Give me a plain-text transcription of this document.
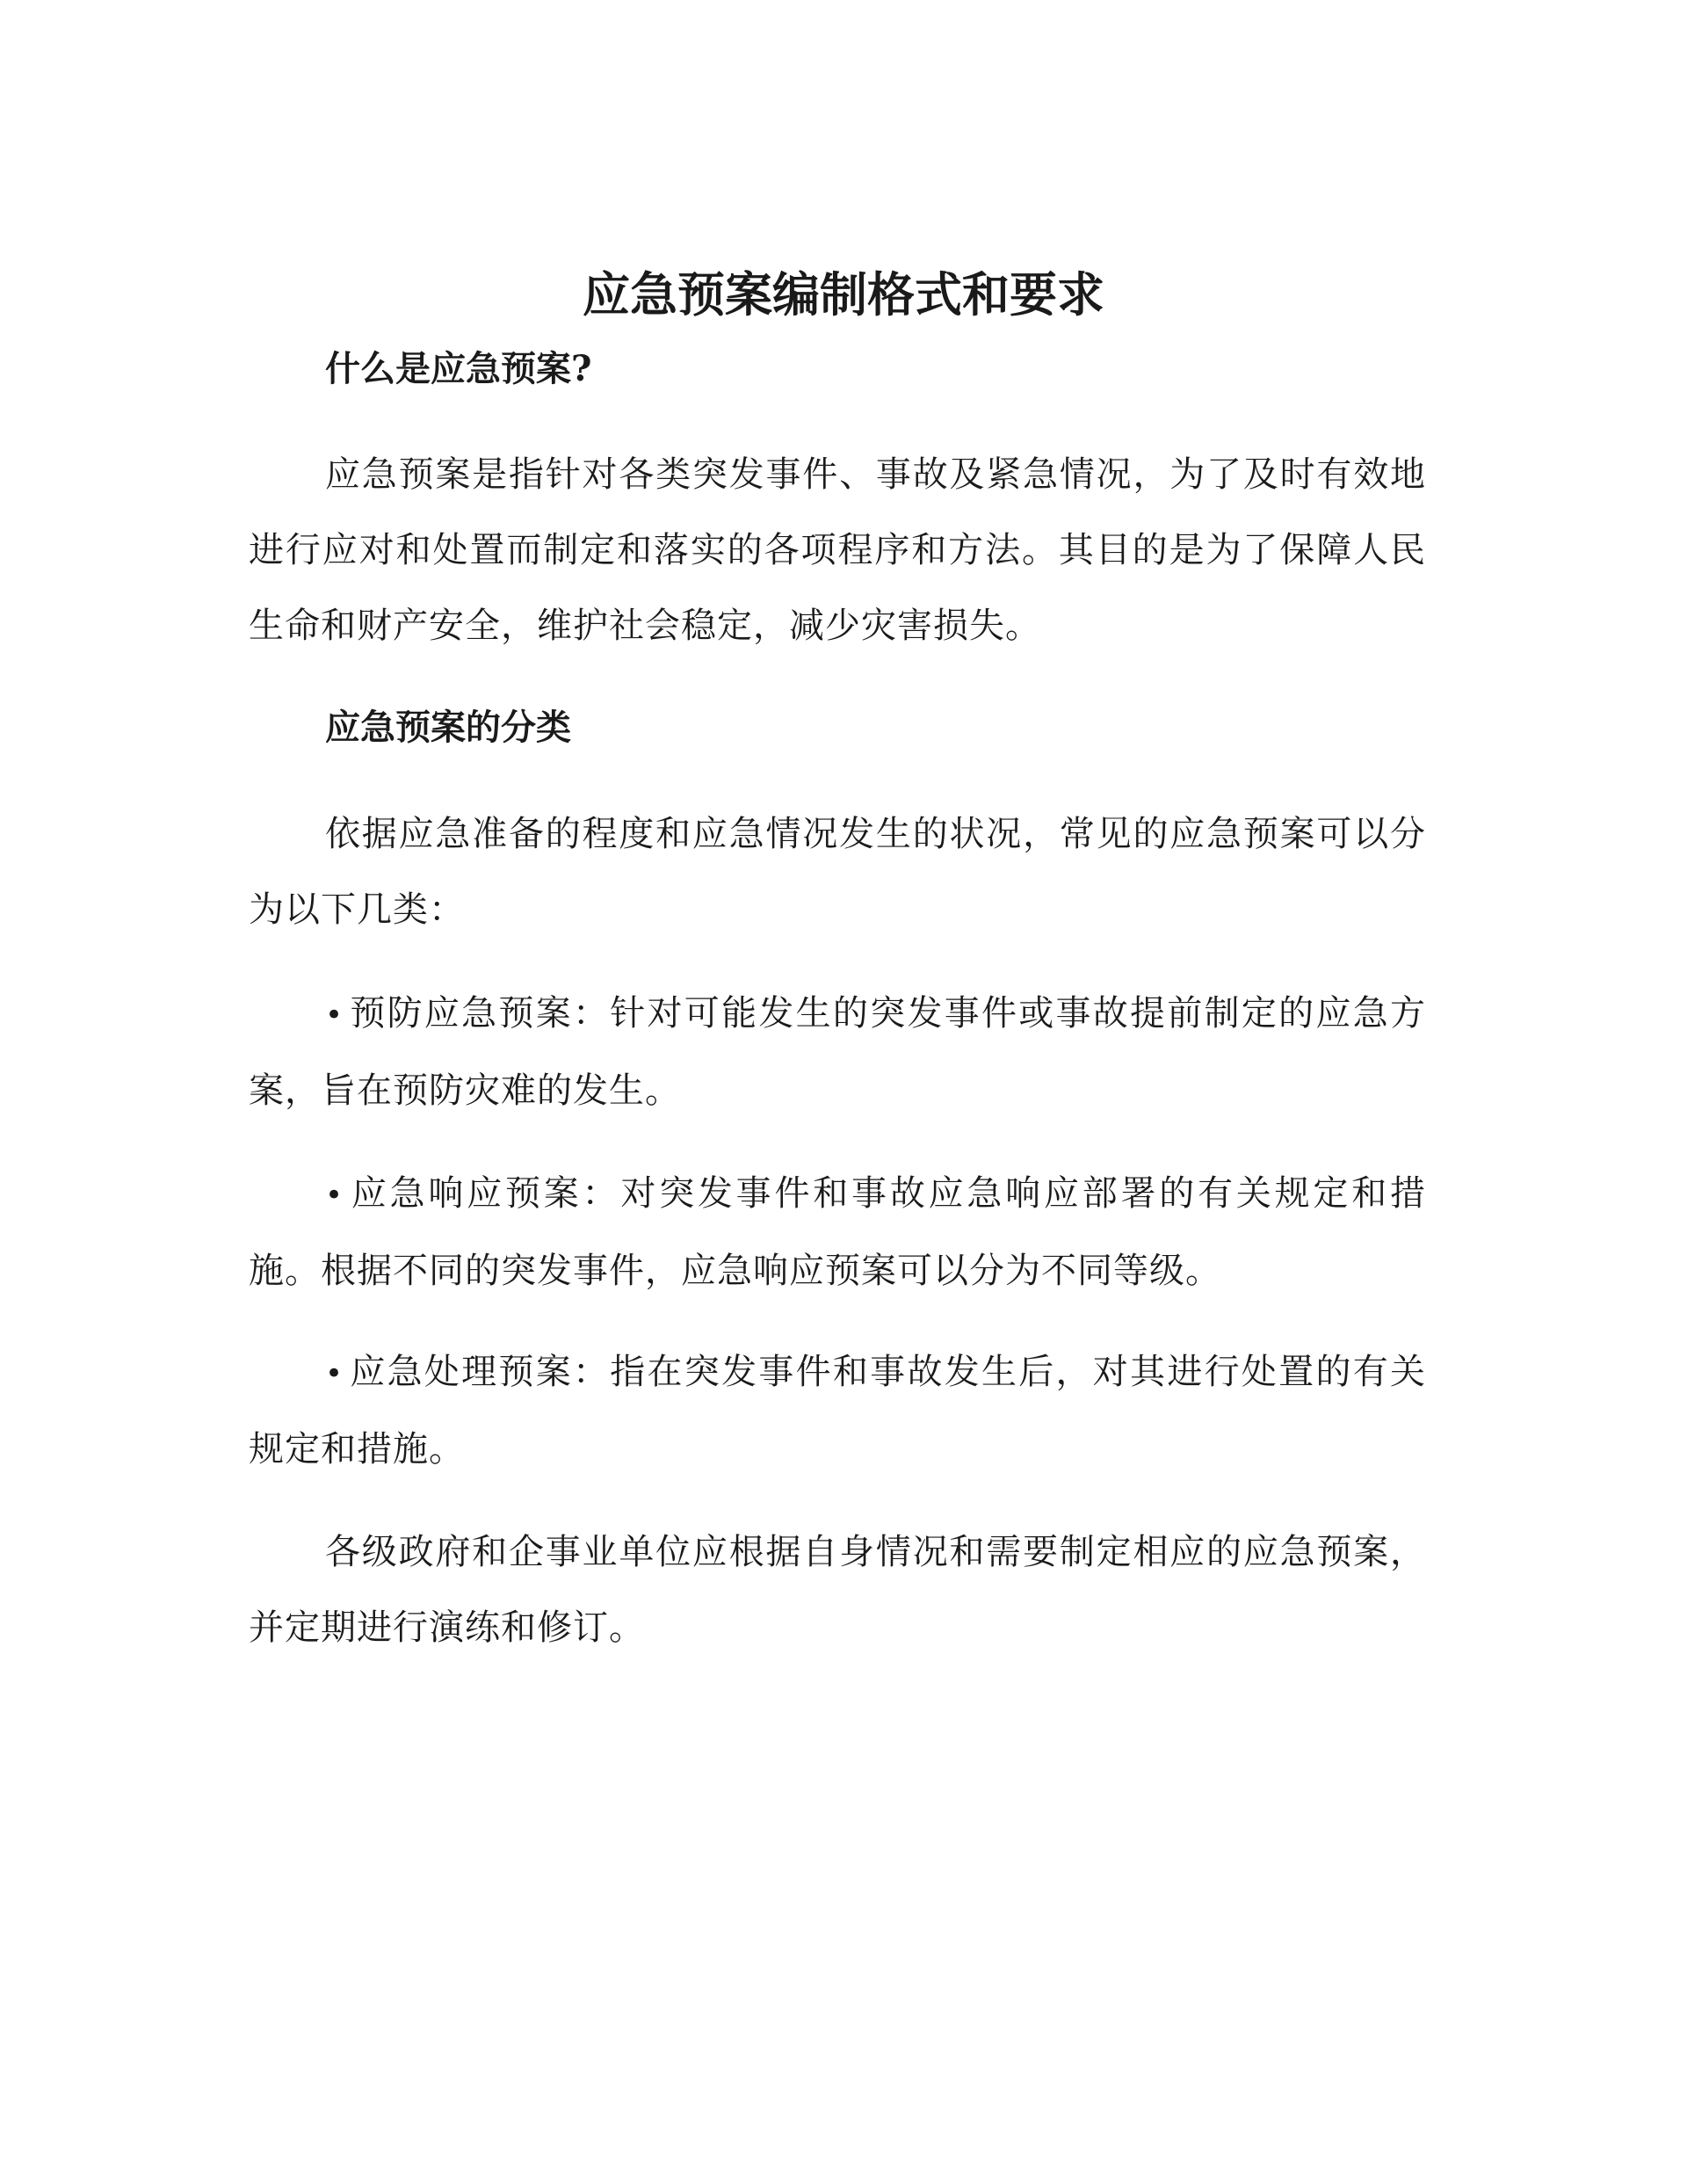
应急预案编制格式和要求
什么是应急预案?

应急预案是指针对各类突发事件、事故及紧急情况，为了及时有效地进行应对和处置而制定和落实的各项程序和方法。其目的是为了保障人民生命和财产安全，维护社会稳定，减少灾害损失。

应急预案的分类

依据应急准备的程度和应急情况发生的状况，常见的应急预案可以分为以下几类：

• 预防应急预案：针对可能发生的突发事件或事故提前制定的应急方案，旨在预防灾难的发生。

• 应急响应预案：对突发事件和事故应急响应部署的有关规定和措施。根据不同的突发事件，应急响应预案可以分为不同等级。

• 应急处理预案：指在突发事件和事故发生后，对其进行处置的有关规定和措施。

各级政府和企事业单位应根据自身情况和需要制定相应的应急预案，并定期进行演练和修订。
